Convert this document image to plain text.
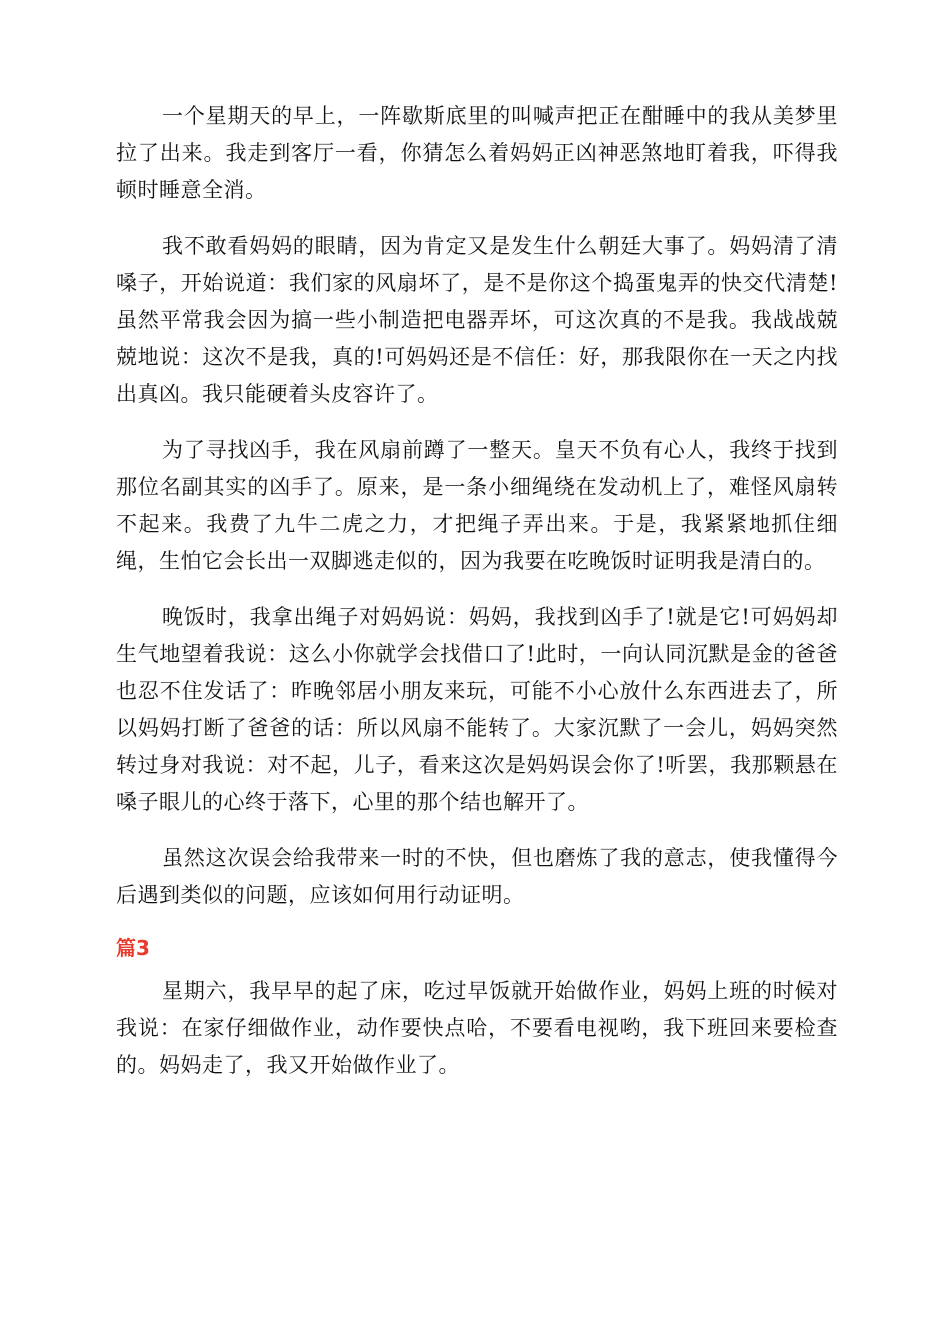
一个星期天的早上，一阵歇斯底里的叫喊声把正在酣睡中的我从美梦里拉了出来。我走到客厅一看，你猜怎么着妈妈正凶神恶煞地盯着我，吓得我顿时睡意全消。

我不敢看妈妈的眼睛，因为肯定又是发生什么朝廷大事了。妈妈清了清嗓子，开始说道：我们家的风扇坏了，是不是你这个捣蛋鬼弄的快交代清楚!虽然平常我会因为搞一些小制造把电器弄坏，可这次真的不是我。我战战兢兢地说：这次不是我，真的!可妈妈还是不信任：好，那我限你在一天之内找出真凶。我只能硬着头皮容许了。

为了寻找凶手，我在风扇前蹲了一整天。皇天不负有心人，我终于找到那位名副其实的凶手了。原来，是一条小细绳绕在发动机上了，难怪风扇转不起来。我费了九牛二虎之力，才把绳子弄出来。于是，我紧紧地抓住细绳，生怕它会长出一双脚逃走似的，因为我要在吃晚饭时证明我是清白的。

晚饭时，我拿出绳子对妈妈说：妈妈，我找到凶手了!就是它!可妈妈却生气地望着我说：这么小你就学会找借口了!此时，一向认同沉默是金的爸爸也忍不住发话了：昨晚邻居小朋友来玩，可能不小心放什么东西进去了，所以妈妈打断了爸爸的话：所以风扇不能转了。大家沉默了一会儿，妈妈突然转过身对我说：对不起，儿子，看来这次是妈妈误会你了!听罢，我那颗悬在嗓子眼儿的心终于落下，心里的那个结也解开了。

虽然这次误会给我带来一时的不快，但也磨炼了我的意志，使我懂得今后遇到类似的问题，应该如何用行动证明。

篇3

星期六，我早早的起了床，吃过早饭就开始做作业，妈妈上班的时候对我说：在家仔细做作业，动作要快点哈，不要看电视哟，我下班回来要检查的。妈妈走了，我又开始做作业了。
